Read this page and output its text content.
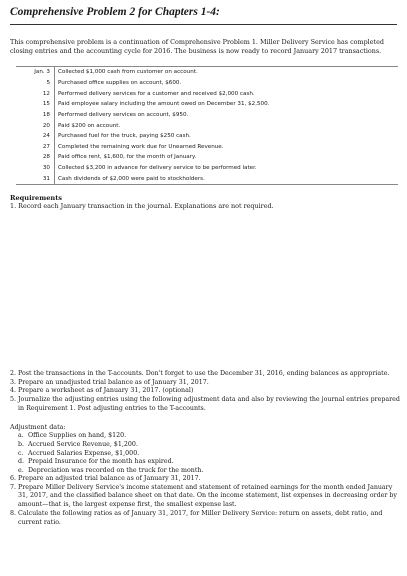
Comprehensive Problem 2 for Chapters 1-4:
This comprehensive problem is a continuation of Comprehensive Problem 1. Miller Delivery Service has completed closing entries and the accounting cycle for 2016. The business is now ready to record January 2017 transactions.
Jan. 3	Collected $1,000 cash from customer on account.
5	Purchased office supplies on account, $600.
12	Performed delivery services for a customer and received $2,000 cash.
15	Paid employee salary including the amount owed on December 31, $2,500.
18	Performed delivery services on account, $950.
20	Paid $200 on account.
24	Purchased fuel for the truck, paying $250 cash.
27	Completed the remaining work due for Unearned Revenue.
28	Paid office rent, $1,600, for the month of January.
30	Collected $3,200 in advance for delivery service to be performed later.
31	Cash dividends of $2,000 were paid to stockholders.
Requirements
1. Record each January transaction in the journal. Explanations are not required.
2. Post the transactions in the T-accounts. Don't forget to use the December 31, 2016, ending balances as appropriate.
3. Prepare an unadjusted trial balance as of January 31, 2017.
4. Prepare a worksheet as of January 31, 2017. (optional)
5. Journalize the adjusting entries using the following adjustment data and also by reviewing the journal entries prepared in Requirement 1. Post adjusting entries to the T-accounts.
Adjustment data:
a. Office Supplies on hand, $120.
b. Accrued Service Revenue, $1,200.
c. Accrued Salaries Expense, $1,000.
d. Prepaid Insurance for the month has expired.
e. Depreciation was recorded on the truck for the month.
6. Prepare an adjusted trial balance as of January 31, 2017.
7. Prepare Miller Delivery Service's income statement and statement of retained earnings for the month ended January 31, 2017, and the classified balance sheet on that date. On the income statement, list expenses in decreasing order by amount—that is, the largest expense first, the smallest expense last.
8. Calculate the following ratios as of January 31, 2017, for Miller Delivery Service: return on assets, debt ratio, and current ratio.
